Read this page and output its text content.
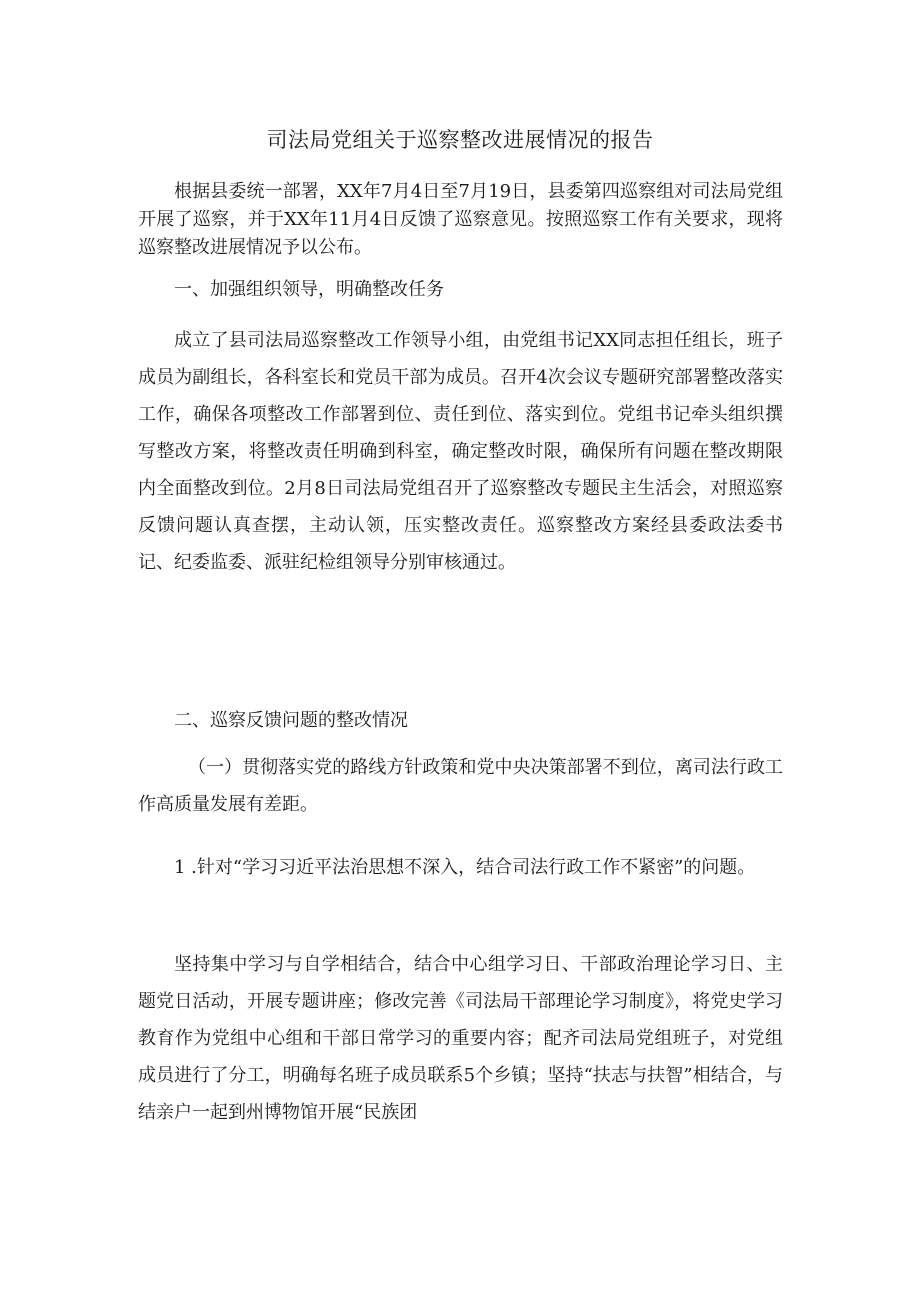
司法局党组关于巡察整改进展情况的报告

根据县委统一部署，XX年7月4日至7月19日，县委第四巡察组对司法局党组开展了巡察，并于XX年11月4日反馈了巡察意见。按照巡察工作有关要求，现将巡察整改进展情况予以公布。

一、加强组织领导，明确整改任务

成立了县司法局巡察整改工作领导小组，由党组书记XX同志担任组长，班子成员为副组长，各科室长和党员干部为成员。召开4次会议专题研究部署整改落实工作，确保各项整改工作部署到位、责任到位、落实到位。党组书记牵头组织撰写整改方案，将整改责任明确到科室，确定整改时限，确保所有问题在整改期限内全面整改到位。2月8日司法局党组召开了巡察整改专题民主生活会，对照巡察反馈问题认真查摆，主动认领，压实整改责任。巡察整改方案经县委政法委书记、纪委监委、派驻纪检组领导分别审核通过。

二、巡察反馈问题的整改情况

（一）贯彻落实党的路线方针政策和党中央决策部署不到位，离司法行政工作高质量发展有差距。

1 .针对“学习习近平法治思想不深入，结合司法行政工作不紧密”的问题。

坚持集中学习与自学相结合，结合中心组学习日、干部政治理论学习日、主题党日活动，开展专题讲座；修改完善《司法局干部理论学习制度》，将党史学习教育作为党组中心组和干部日常学习的重要内容；配齐司法局党组班子，对党组成员进行了分工，明确每名班子成员联系5个乡镇；坚持“扶志与扶智”相结合，与结亲户一起到州博物馆开展“民族团
